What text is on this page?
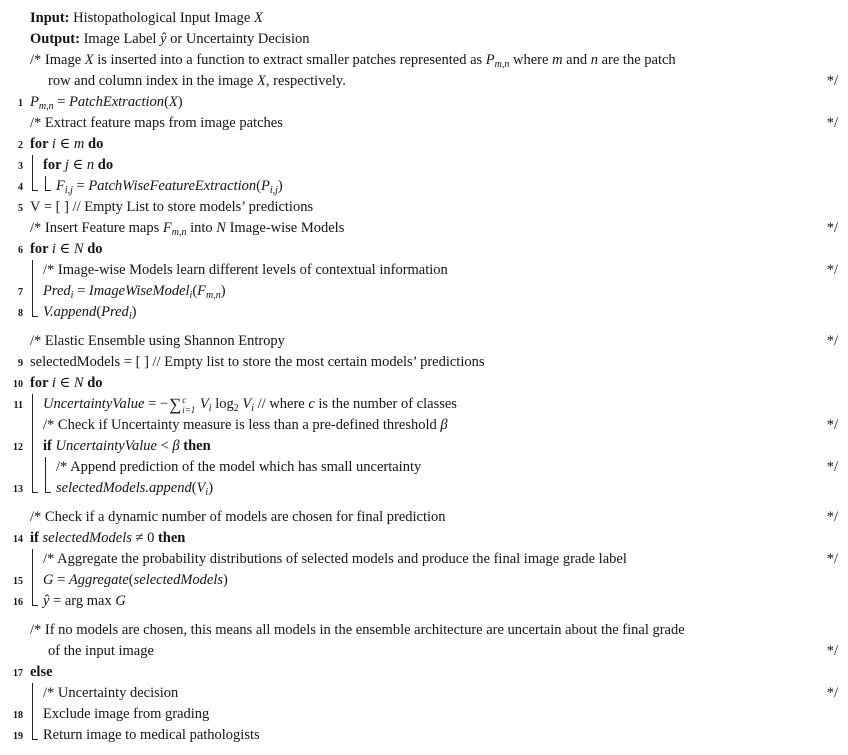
Input: Histopathological Input Image X
Output: Image Label ŷ or Uncertainty Decision
/* Image X is inserted into a function to extract smaller patches represented as $P_{m,n}$ where m and n are the patch
row and column index in the image X, respectively.	*/
1 $P_{m,n}$ = PatchExtraction(X)
/* Extract feature maps from image patches	*/
2 for i ∈ m do
3	for j ∈ n do
4	$F_{i,j}$ = $PatchWiseFeatureExtraction(P_{i,j})$
5 V = [ ] // Empty List to store models’ predictions
/* Insert Feature maps $F_{m,n}$ into N Image-wise Models	*/
6 for i ∈ N do
/* Image-wise Models learn different levels of contextual information	*/
7	Pred$_i$ = $ImageWiseModel_i(F_{m,n})$
8	V.append(Pred$_i$)
/* Elastic Ensemble using Shannon Entropy	*/
9 selectedModels = [ ] // Empty list to store the most certain models’ predictions
10 for i ∈ N do
11	UncertaintyValue = − ∑ c
i=1 $V_i$ $\log_2 V_i$ // where c is the number of classes
/* Check if Uncertainty measure is less than a pre-defined threshold β	*/
12	if UncertaintyValue < β then
/* Append prediction of the model which has small uncertainty	*/
13	$selectedModels.append(V_i)$
/* Check if a dynamic number of models are chosen for final prediction	*/
14 if selectedModels ≠ 0 then
/* Aggregate the probability distributions of selected models and produce the final image grade label	*/
15	G = Aggregate(selectedModels)
16	ŷ = arg max G
/* If no models are chosen, this means all models in the ensemble architecture are uncertain about the final grade
of the input image	*/
17 else
/* Uncertainty decision	*/
18	Exclude image from grading
19	Return image to medical pathologists
